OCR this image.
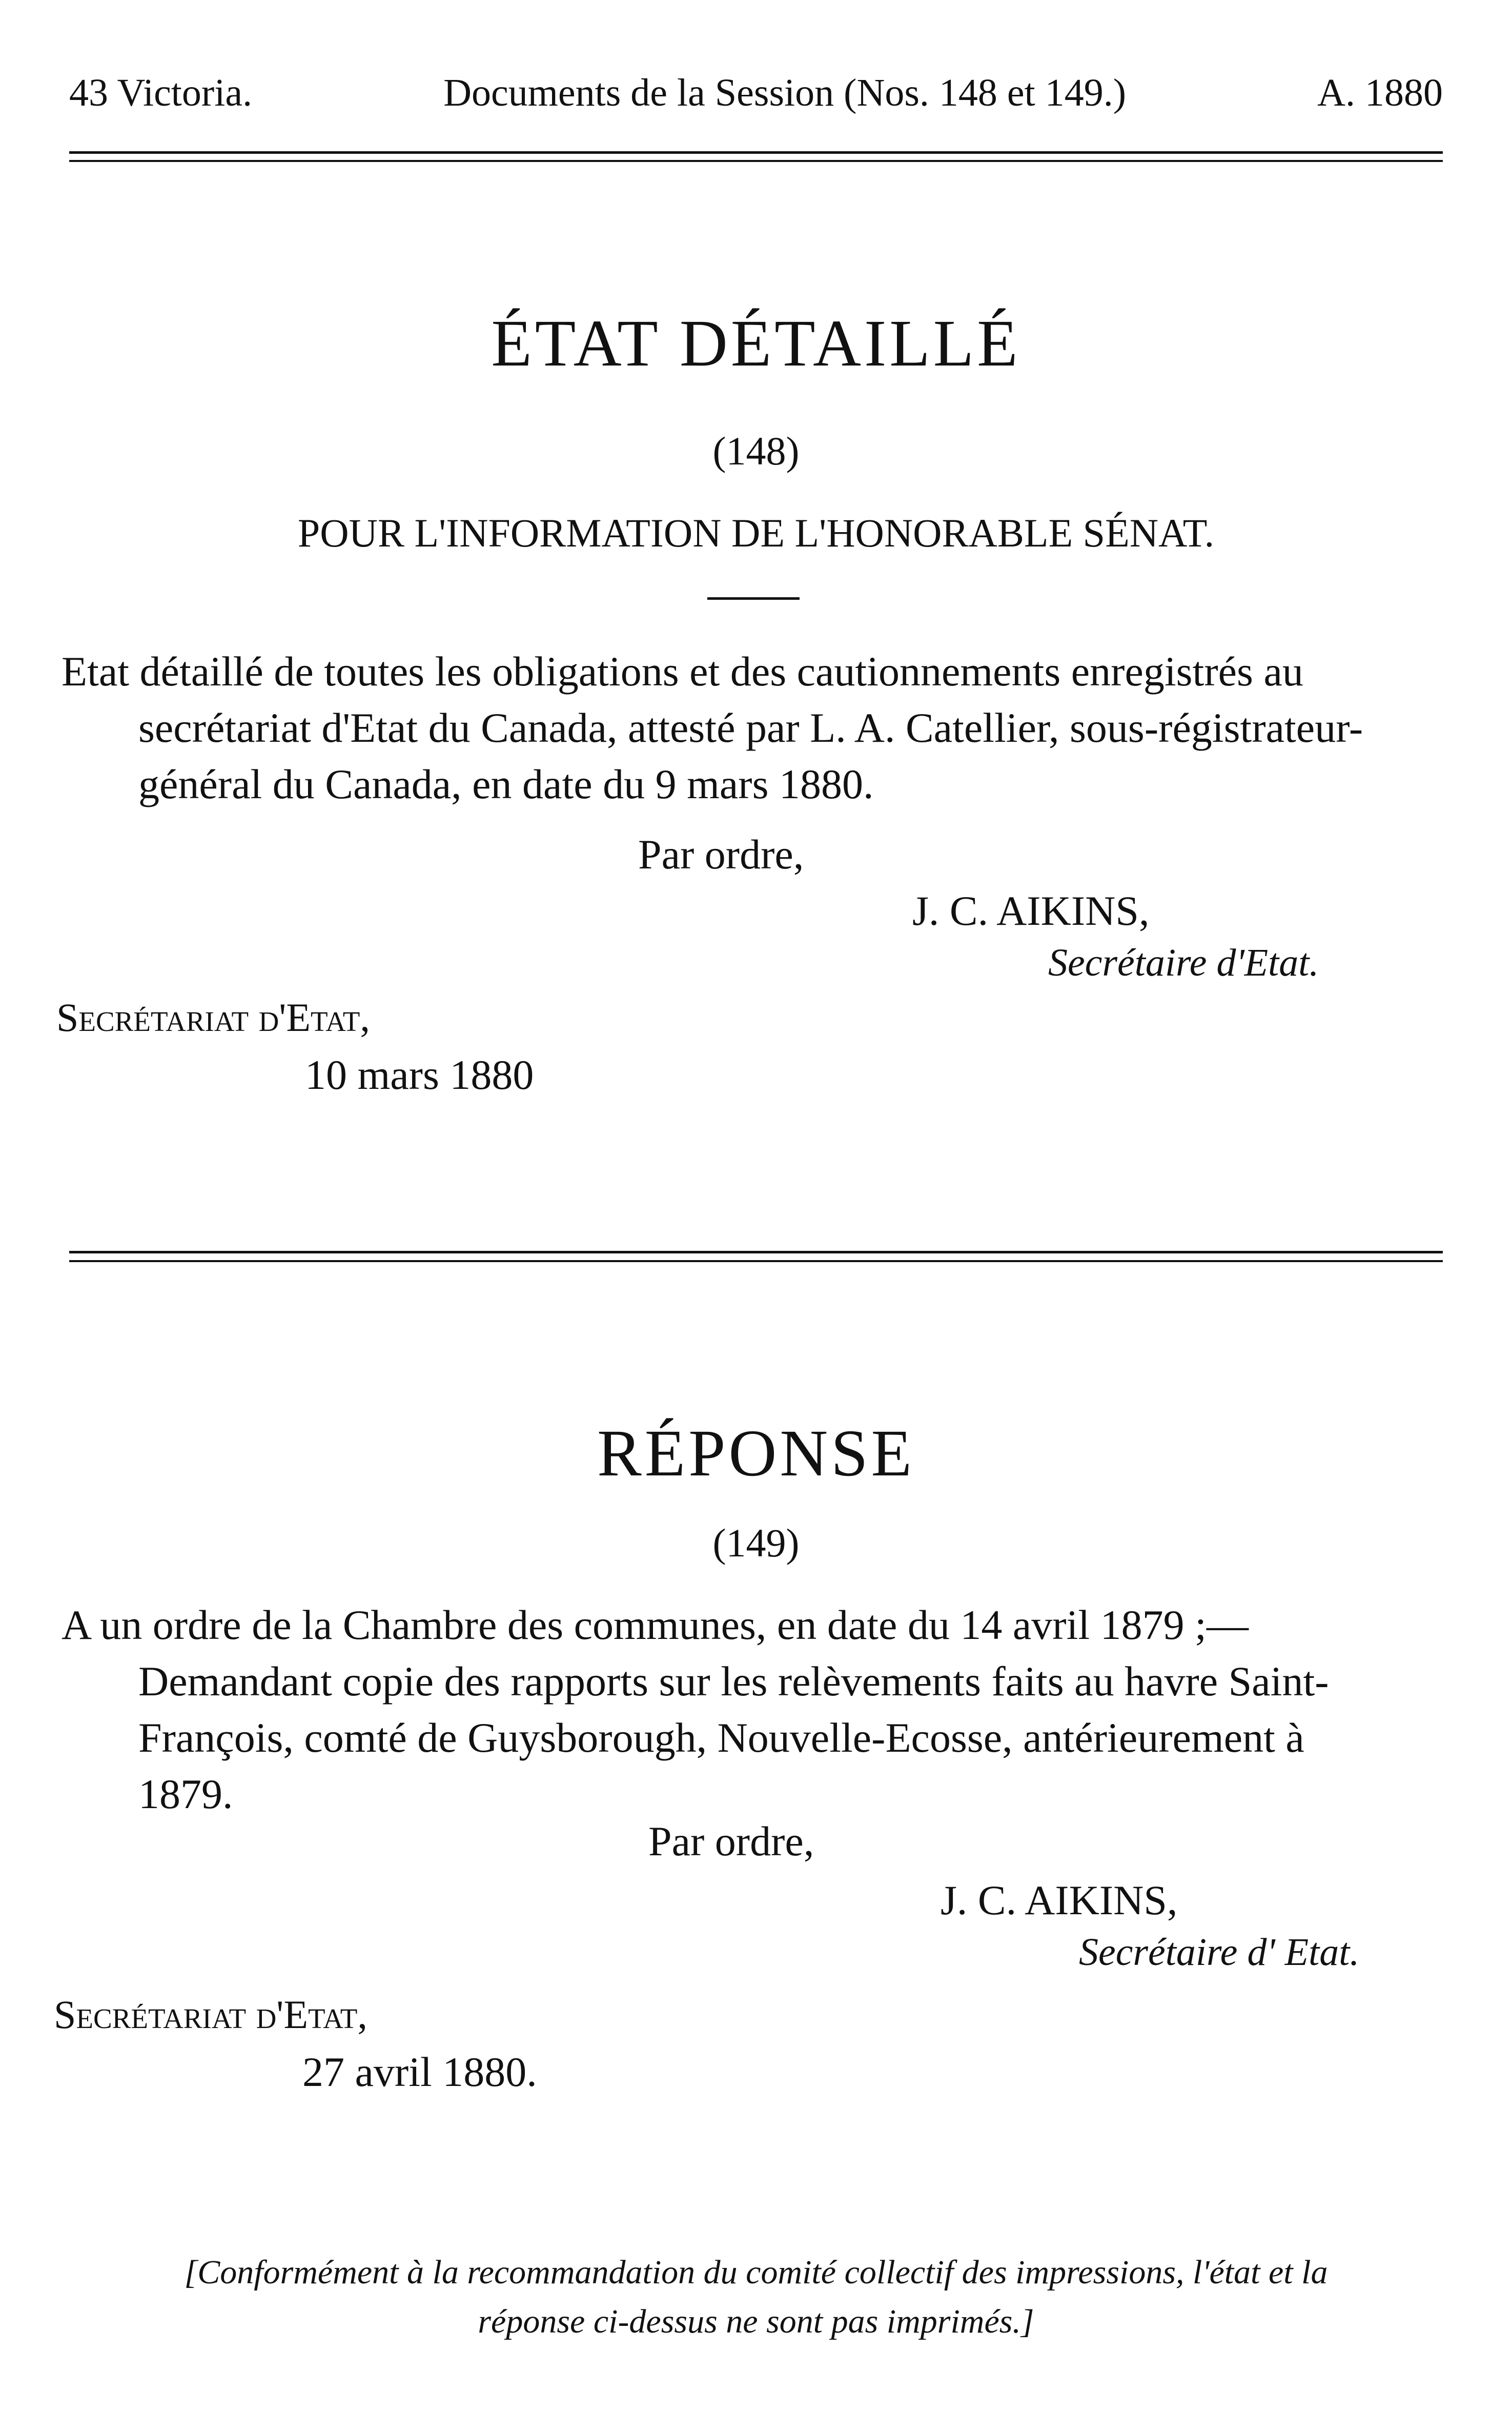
43 Victoria.	Documents de la Session (Nos. 148 et 149.)	A. 1880
ÉTAT DÉTAILLÉ
(148)
POUR L'INFORMATION DE L'HONORABLE SÉNAT.
Etat détaillé de toutes les obligations et des cautionnements enregistrés au
secrétariat d'Etat du Canada, attesté par L. A. Catellier, sous-régistrateur-
général du Canada, en date du 9 mars 1880.
Par ordre,
J. C. AIKINS,
Secrétaire d'Etat.
Secrétariat d'Etat,
10 mars 1880
RÉPONSE
(149)
A un ordre de la Chambre des communes, en date du 14 avril 1879 ;—
Demandant copie des rapports sur les relèvements faits au havre Saint-
François, comté de Guysborough, Nouvelle-Ecosse, antérieurement à
1879.
Par ordre,
J. C. AIKINS,
Secrétaire d' Etat.
Secrétariat d'Etat,
27 avril 1880.
[Conformément à la recommandation du comité collectif des impressions, l'état et la
réponse ci-dessus ne sont pas imprimés.]
